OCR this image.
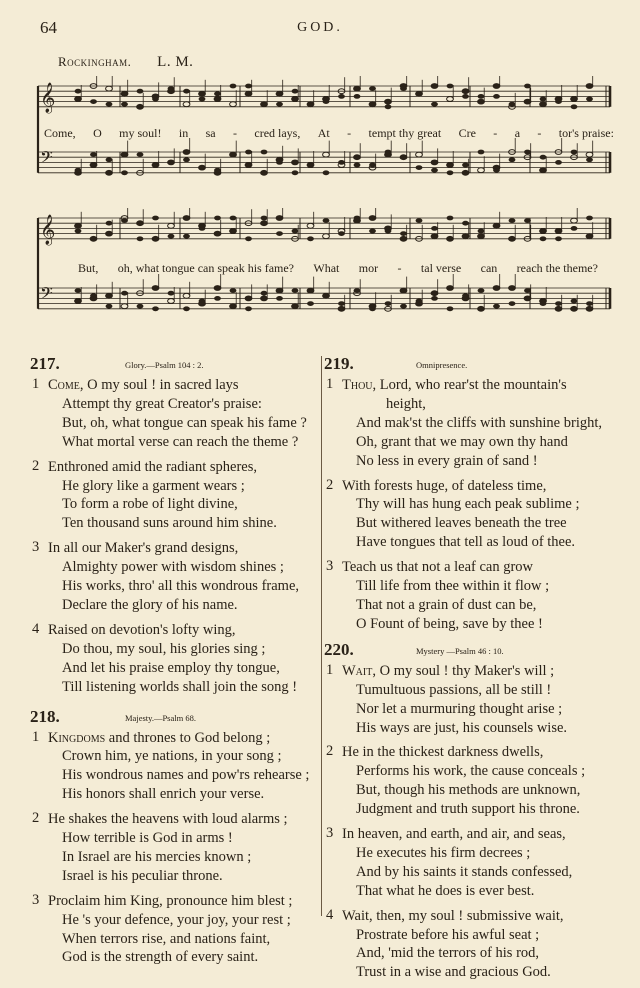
64	GOD.
Rockingham. L. M.
𝄞
𝄢
Come, O my soul! in sa - cred lays, At - tempt thy great Cre - a - tor's praise:
𝄞
𝄢
But, oh, what tongue can speak his fame? What mor - tal verse can reach the theme?
217.	Glory.—Psalm 104 : 2.
1 Come, O my soul ! in sacred lays
Attempt thy great Creator's praise:
But, oh, what tongue can speak his fame ?
What mortal verse can reach the theme ?
2 Enthroned amid the radiant spheres,
He glory like a garment wears ;
To form a robe of light divine,
Ten thousand suns around him shine.
3 In all our Maker's grand designs,
Almighty power with wisdom shines ;
His works, thro' all this wondrous frame,
Declare the glory of his name.
4 Raised on devotion's lofty wing,
Do thou, my soul, his glories sing ;
And let his praise employ thy tongue,
Till listening worlds shall join the song !
218.	Majesty.—Psalm 68.
1 Kingdoms and thrones to God belong ;
Crown him, ye nations, in your song ;
His wondrous names and pow'rs rehearse ;
His honors shall enrich your verse.
2 He shakes the heavens with loud alarms ;
How terrible is God in arms !
In Israel are his mercies known ;
Israel is his peculiar throne.
3 Proclaim him King, pronounce him blest ;
He 's your defence, your joy, your rest ;
When terrors rise, and nations faint,
God is the strength of every saint.
219.	Omnipresence.
1 Thou, Lord, who rear'st the mountain's
height,
And mak'st the cliffs with sunshine bright,
Oh, grant that we may own thy hand
No less in every grain of sand !
2 With forests huge, of dateless time,
Thy will has hung each peak sublime ;
But withered leaves beneath the tree
Have tongues that tell as loud of thee.
3 Teach us that not a leaf can grow
Till life from thee within it flow ;
That not a grain of dust can be,
O Fount of being, save by thee !
220.	Mystery —Psalm 46 : 10.
1 Wait, O my soul ! thy Maker's will ;
Tumultuous passions, all be still !
Nor let a murmuring thought arise ;
His ways are just, his counsels wise.
2 He in the thickest darkness dwells,
Performs his work, the cause conceals ;
But, though his methods are unknown,
Judgment and truth support his throne.
3 In heaven, and earth, and air, and seas,
He executes his firm decrees ;
And by his saints it stands confessed,
That what he does is ever best.
4 Wait, then, my soul ! submissive wait,
Prostrate before his awful seat ;
And, 'mid the terrors of his rod,
Trust in a wise and gracious God.
